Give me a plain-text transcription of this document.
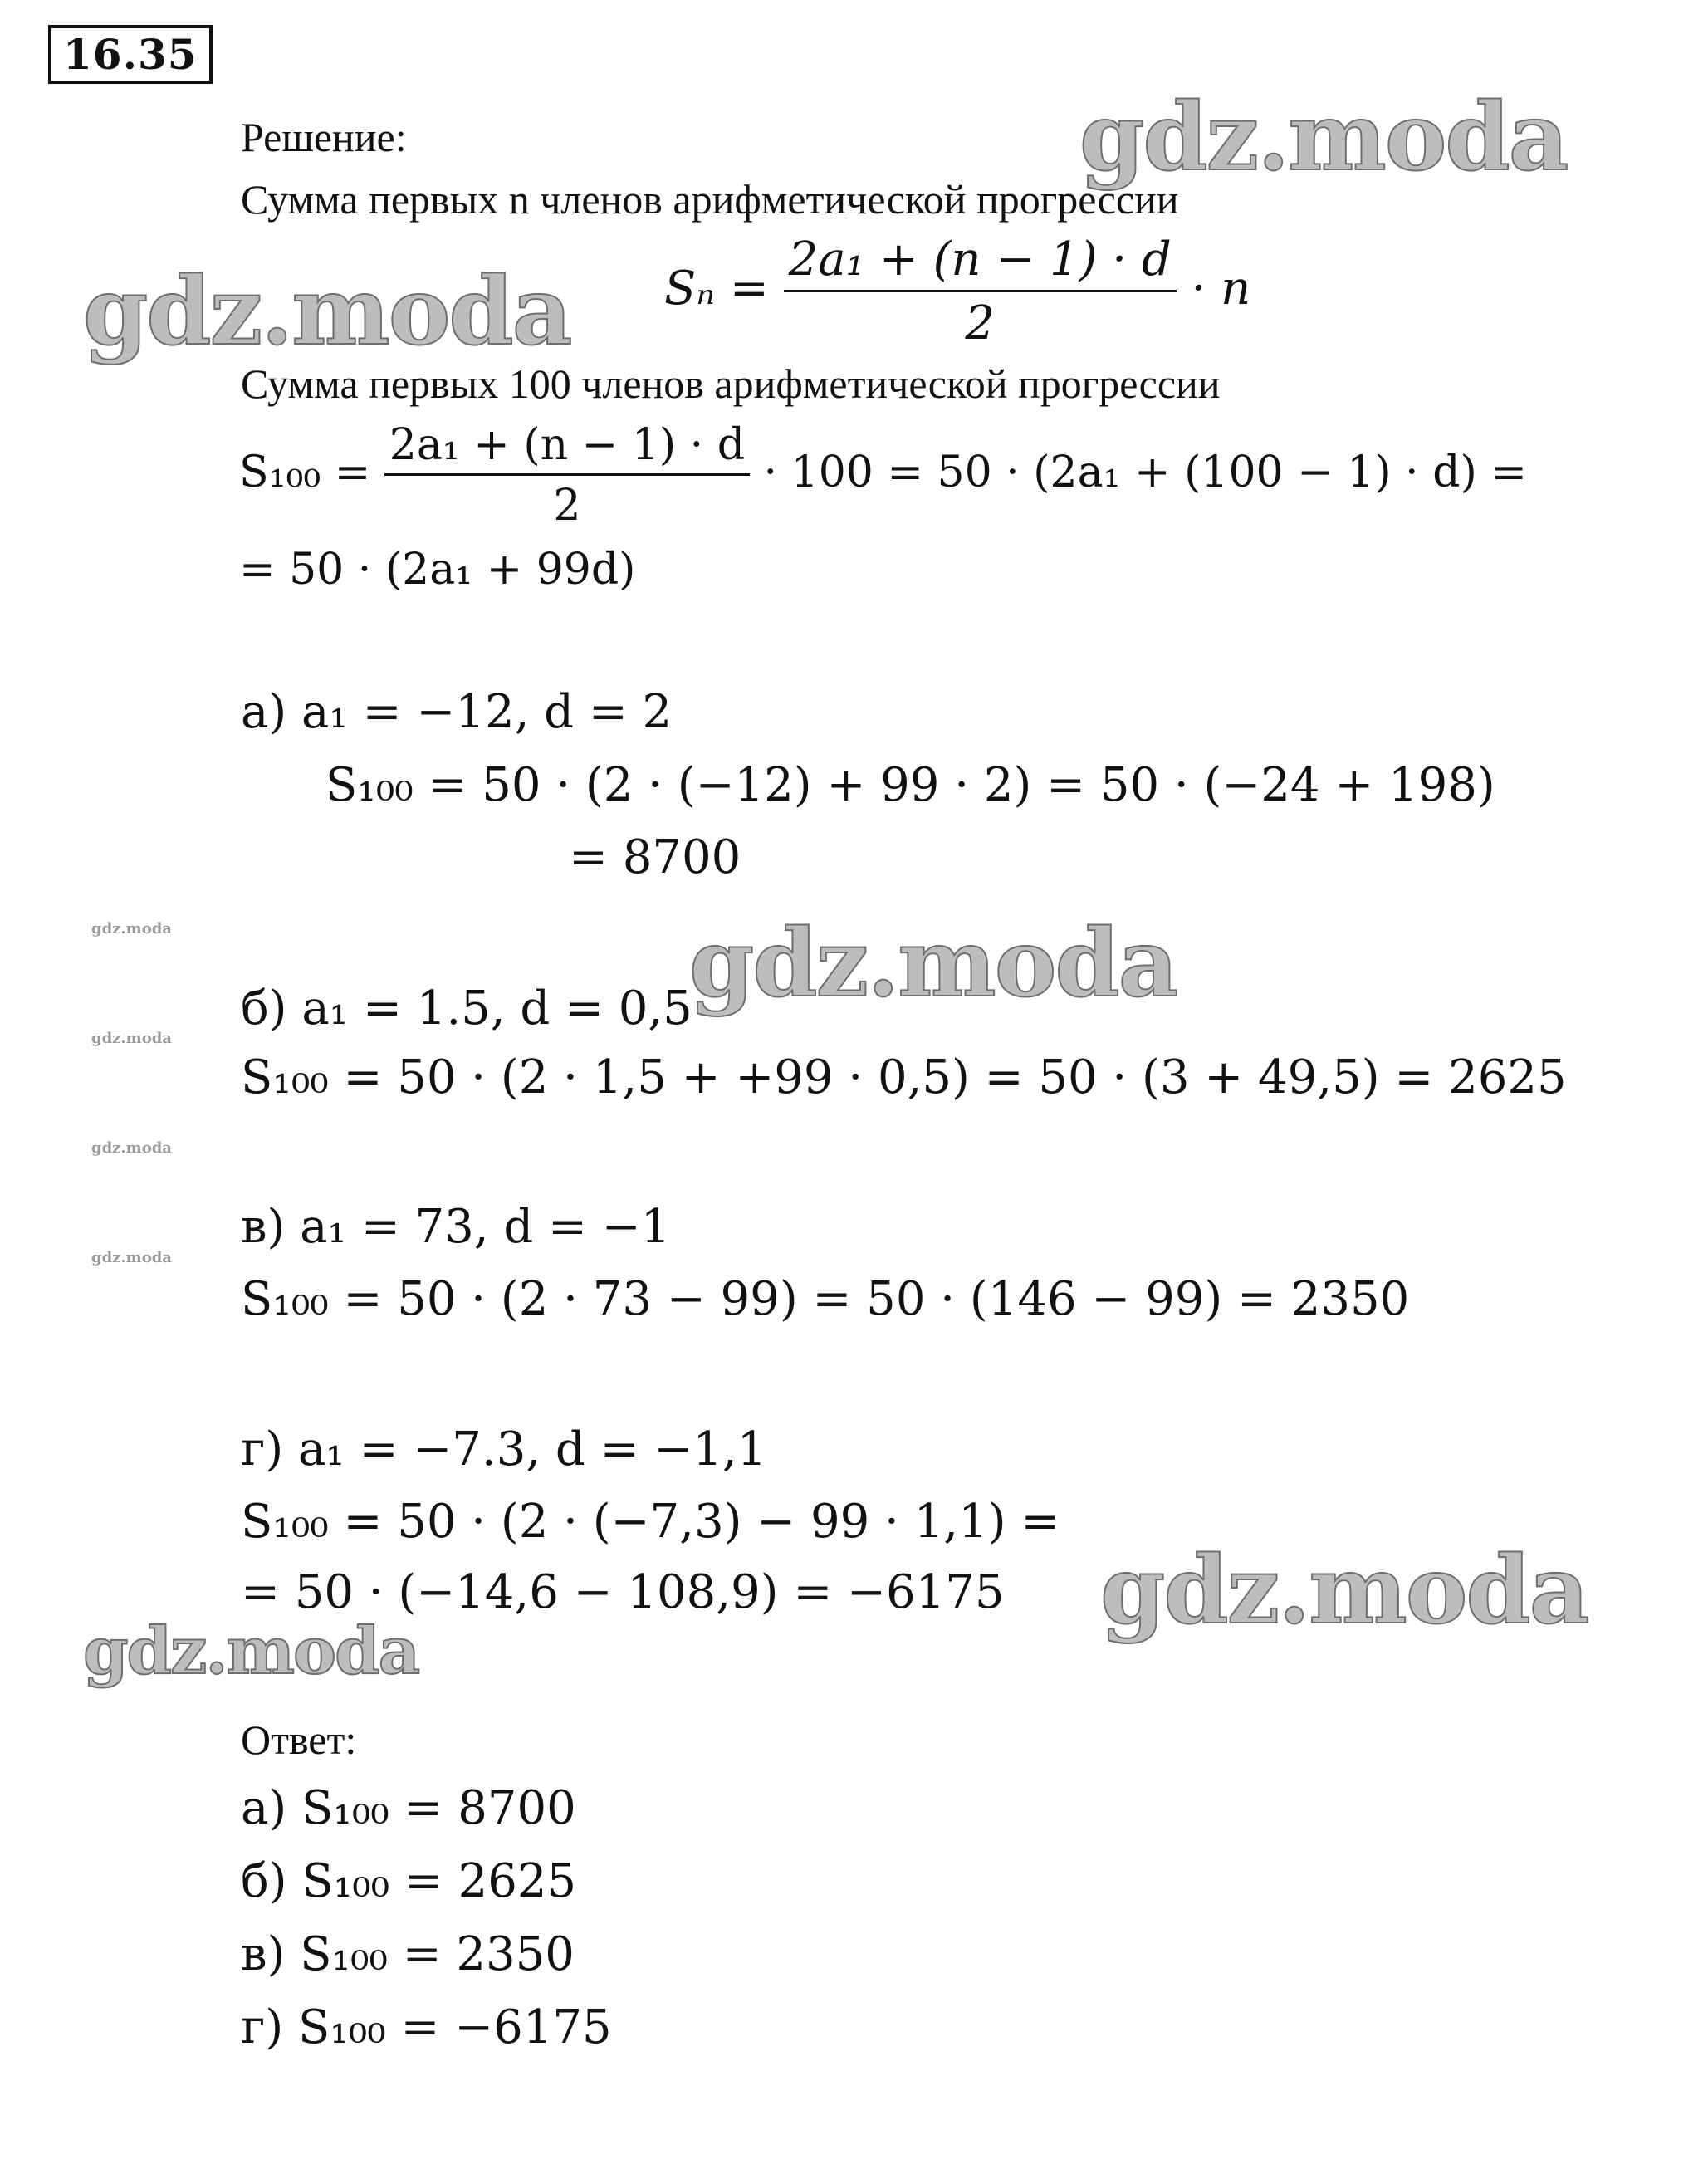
16.35
gdz.moda
gdz.moda
gdz.moda
gdz.moda
gdz.moda
gdz.moda
gdz.moda
gdz.moda
gdz.moda
Решение:
Сумма первых n членов арифметической прогрессии
$S_n = \frac{\text{2a₁ + (n − 1) · d}}{2} \cdot n$
Сумма первых 100 членов арифметической прогрессии
$S_{100} = \frac{\text{2a₁ + (n − 1) · d}}{2} \cdot 100 = 50 \cdot (2a_1 + (100 - 1) \cdot d)$ =
= 50 · (2a₁ + 99d)
а) a₁ = −12, d = 2
S₁₀₀ = 50 · (2 · (−12) + 99 · 2) = 50 · (−24 + 198)
= 8700
б) a₁ = 1.5, d = 0,5
S₁₀₀ = 50 · (2 · 1,5 + +99 · 0,5) = 50 · (3 + 49,5) = 2625
в) a₁ = 73, d = −1
S₁₀₀ = 50 · (2 · 73 − 99) = 50 · (146 − 99) = 2350
г) a₁ = −7.3, d = −1,1
S₁₀₀ = 50 · (2 · (−7,3) − 99 · 1,1) =
= 50 · (−14,6 − 108,9) = −6175
Ответ:
а) S₁₀₀ = 8700
б) S₁₀₀ = 2625
в) S₁₀₀ = 2350
г) S₁₀₀ = −6175
